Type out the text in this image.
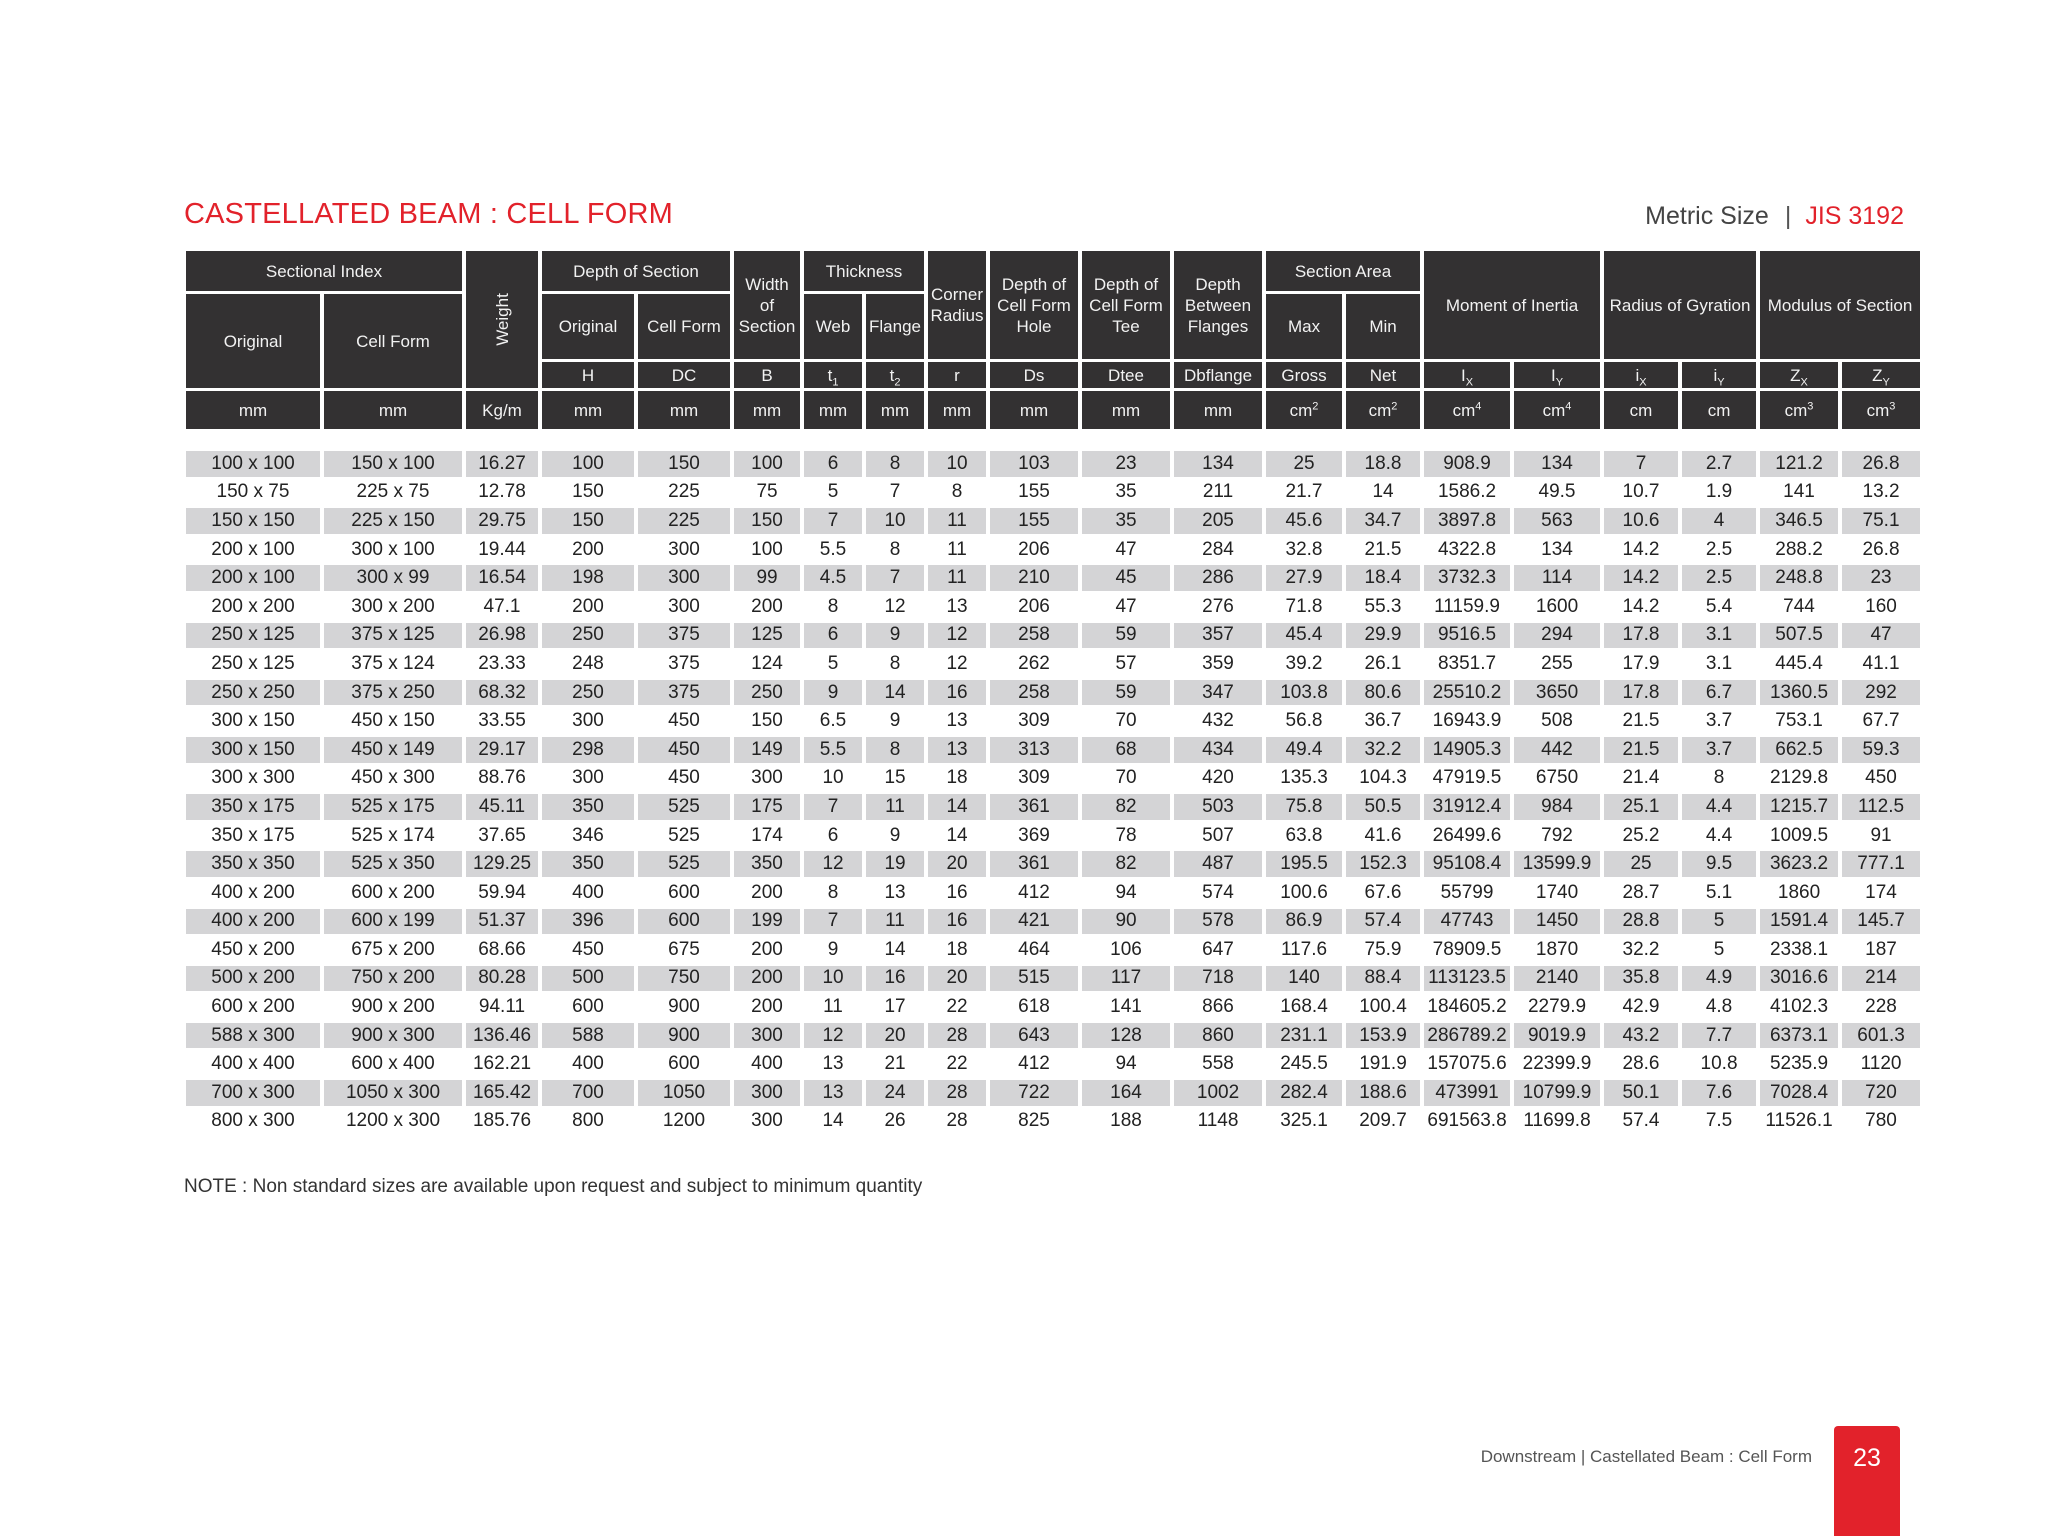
CASTELLATED BEAM : CELL FORM	Metric Size | JIS 3192
Sectional Index		Weight	Depth of Section		Width of Section	Thickness		Corner Radius	Depth of Cell Form Hole	Depth of Cell Form Tee	Depth Between Flanges	Section Area		Moment of Inertia		Radius of Gyration		Modulus of Section	
Original	Cell Form		Original	Cell Form		Web	Flange					Max	Min						
			H	DC	B	$t_1$	$t_2$	r	Ds	Dtee	Dbflange	Gross	Net	$I_X$	$I_Y$	$i_X$	$i_Y$	$Z_X$	$Z_Y$
mm	mm	Kg/m	mm	mm	mm	mm	mm	mm	mm	mm	mm	$cm^2$	$cm^2$	$cm^4$	$cm^4$	cm	cm	$cm^3$	$cm^3$

100 x 100	150 x 100	16.27	100	150	100	6	8	10	103	23	134	25	18.8	908.9	134	7	2.7	121.2	26.8
150 x 75	225 x 75	12.78	150	225	75	5	7	8	155	35	211	21.7	14	1586.2	49.5	10.7	1.9	141	13.2
150 x 150	225 x 150	29.75	150	225	150	7	10	11	155	35	205	45.6	34.7	3897.8	563	10.6	4	346.5	75.1
200 x 100	300 x 100	19.44	200	300	100	5.5	8	11	206	47	284	32.8	21.5	4322.8	134	14.2	2.5	288.2	26.8
200 x 100	300 x 99	16.54	198	300	99	4.5	7	11	210	45	286	27.9	18.4	3732.3	114	14.2	2.5	248.8	23
200 x 200	300 x 200	47.1	200	300	200	8	12	13	206	47	276	71.8	55.3	11159.9	1600	14.2	5.4	744	160
250 x 125	375 x 125	26.98	250	375	125	6	9	12	258	59	357	45.4	29.9	9516.5	294	17.8	3.1	507.5	47
250 x 125	375 x 124	23.33	248	375	124	5	8	12	262	57	359	39.2	26.1	8351.7	255	17.9	3.1	445.4	41.1
250 x 250	375 x 250	68.32	250	375	250	9	14	16	258	59	347	103.8	80.6	25510.2	3650	17.8	6.7	1360.5	292
300 x 150	450 x 150	33.55	300	450	150	6.5	9	13	309	70	432	56.8	36.7	16943.9	508	21.5	3.7	753.1	67.7
300 x 150	450 x 149	29.17	298	450	149	5.5	8	13	313	68	434	49.4	32.2	14905.3	442	21.5	3.7	662.5	59.3
300 x 300	450 x 300	88.76	300	450	300	10	15	18	309	70	420	135.3	104.3	47919.5	6750	21.4	8	2129.8	450
350 x 175	525 x 175	45.11	350	525	175	7	11	14	361	82	503	75.8	50.5	31912.4	984	25.1	4.4	1215.7	112.5
350 x 175	525 x 174	37.65	346	525	174	6	9	14	369	78	507	63.8	41.6	26499.6	792	25.2	4.4	1009.5	91
350 x 350	525 x 350	129.25	350	525	350	12	19	20	361	82	487	195.5	152.3	95108.4	13599.9	25	9.5	3623.2	777.1
400 x 200	600 x 200	59.94	400	600	200	8	13	16	412	94	574	100.6	67.6	55799	1740	28.7	5.1	1860	174
400 x 200	600 x 199	51.37	396	600	199	7	11	16	421	90	578	86.9	57.4	47743	1450	28.8	5	1591.4	145.7
450 x 200	675 x 200	68.66	450	675	200	9	14	18	464	106	647	117.6	75.9	78909.5	1870	32.2	5	2338.1	187
500 x 200	750 x 200	80.28	500	750	200	10	16	20	515	117	718	140	88.4	113123.5	2140	35.8	4.9	3016.6	214
600 x 200	900 x 200	94.11	600	900	200	11	17	22	618	141	866	168.4	100.4	184605.2	2279.9	42.9	4.8	4102.3	228
588 x 300	900 x 300	136.46	588	900	300	12	20	28	643	128	860	231.1	153.9	286789.2	9019.9	43.2	7.7	6373.1	601.3
400 x 400	600 x 400	162.21	400	600	400	13	21	22	412	94	558	245.5	191.9	157075.6	22399.9	28.6	10.8	5235.9	1120
700 x 300	1050 x 300	165.42	700	1050	300	13	24	28	722	164	1002	282.4	188.6	473991	10799.9	50.1	7.6	7028.4	720
800 x 300	1200 x 300	185.76	800	1200	300	14	26	28	825	188	1148	325.1	209.7	691563.8	11699.8	57.4	7.5	11526.1	780
NOTE : Non standard sizes are available upon request and subject to minimum quantity
Downstream | Castellated Beam : Cell Form	23
